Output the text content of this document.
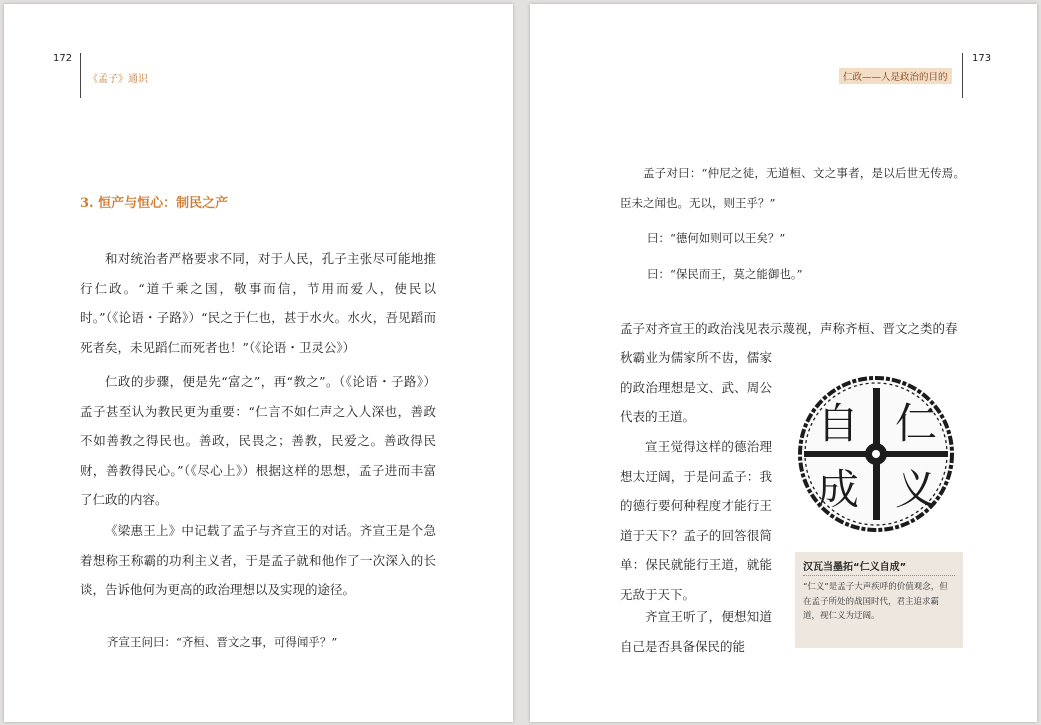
172
《孟子》通识
3. 恒产与恒心：制民之产

和对统治者严格要求不同，对于人民，孔子主张尽可能地推行仁政。“道千乘之国，敬事而信，节用而爱人，使民以时。”（《论语・子路》）“民之于仁也，甚于水火。水火，吾见蹈而死者矣，未见蹈仁而死者也！”（《论语・卫灵公》）

仁政的步骤，便是先“富之”，再“教之”。（《论语・子路》）孟子甚至认为教民更为重要：“仁言不如仁声之入人深也，善政不如善教之得民也。善政，民畏之；善教，民爱之。善政得民财，善教得民心。”（《尽心上》）根据这样的思想，孟子进而丰富了仁政的内容。

《梁惠王上》中记载了孟子与齐宣王的对话。齐宣王是个急着想称王称霸的功利主义者，于是孟子就和他作了一次深入的长谈，告诉他何为更高的政治理想以及实现的途径。

齐宣王问曰：“齐桓、晋文之事，可得闻乎？”

173
仁政——人是政治的目的

孟子对曰：“仲尼之徒，无道桓、文之事者，是以后世无传焉。臣未之闻也。无以，则王乎？”

曰：“德何如则可以王矣？”

曰：“保民而王，莫之能御也。”

孟子对齐宣王的政治浅见表示蔑视，声称齐桓、晋文之类的春

秋霸业为儒家所不齿，儒家的政治理想是文、武、周公代表的王道。

宣王觉得这样的德治理想太迂阔，于是问孟子：我的德行要何种程度才能行王道于天下？孟子的回答很简单：保民就能行王道，就能无敌于天下。

齐宣王听了，便想知道自己是否具备保民的能

仁
义
自
成
汉瓦当墨拓“仁义自成”
“仁义”是孟子大声疾呼的价值观念，但在孟子所处的战国时代，君主追求霸道，视仁义为迂阔。
